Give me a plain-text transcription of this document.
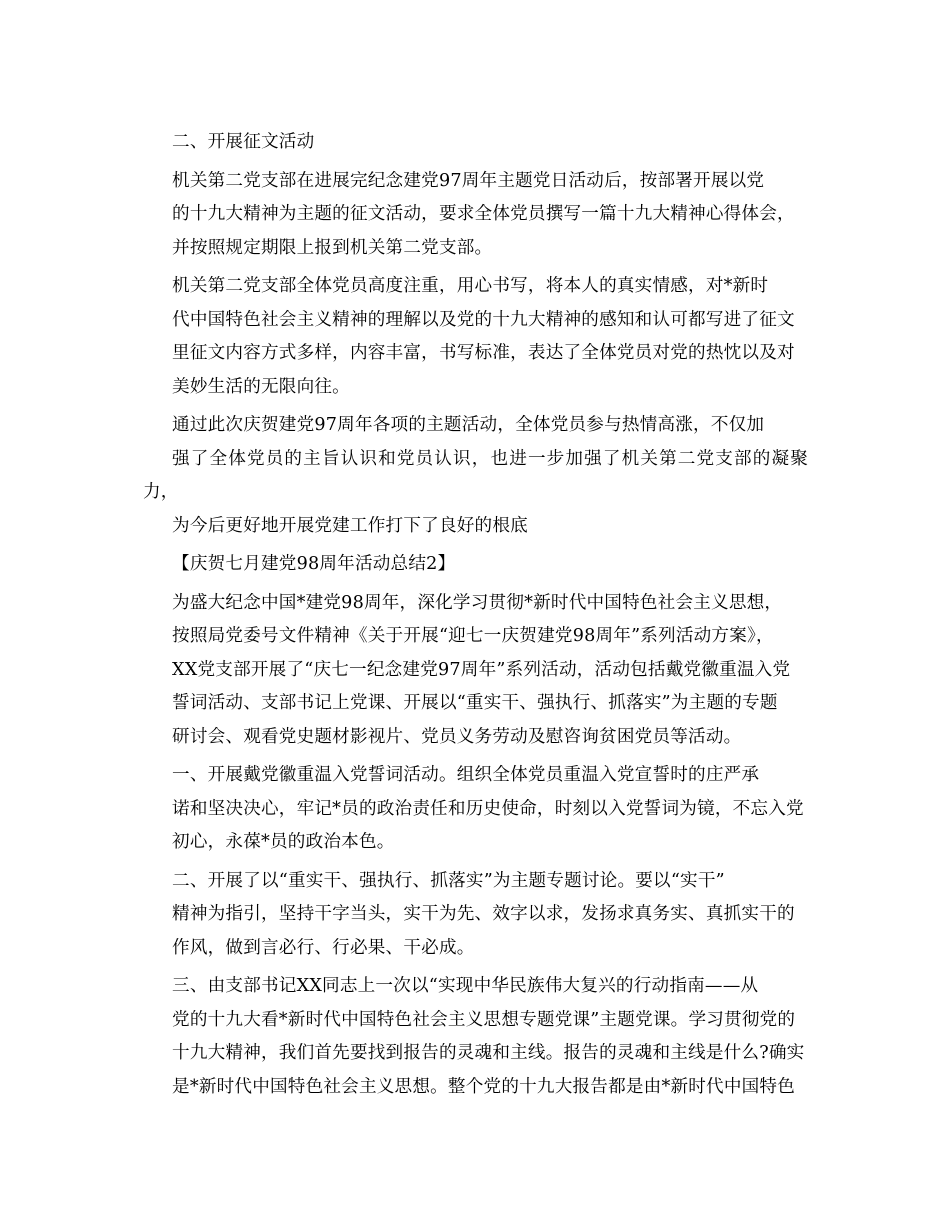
二、开展征文活动

机关第二党支部在进展完纪念建党97周年主题党日活动后，按部署开展以党
的十九大精神为主题的征文活动，要求全体党员撰写一篇十九大精神心得体会，
并按照规定期限上报到机关第二党支部。

机关第二党支部全体党员高度注重，用心书写，将本人的真实情感，对*新时
代中国特色社会主义精神的理解以及党的十九大精神的感知和认可都写进了征文
里征文内容方式多样，内容丰富，书写标准，表达了全体党员对党的热忱以及对
美妙生活的无限向往。

通过此次庆贺建党97周年各项的主题活动，全体党员参与热情高涨，不仅加
强了全体党员的主旨认识和党员认识，也进一步加强了机关第二党支部的凝聚力，
为今后更好地开展党建工作打下了良好的根底

【庆贺七月建党98周年活动总结2】

为盛大纪念中国*建党98周年，深化学习贯彻*新时代中国特色社会主义思想，
按照局党委号文件精神《关于开展“迎七一庆贺建党98周年”系列活动方案》，
XX党支部开展了“庆七一纪念建党97周年”系列活动，活动包括戴党徽重温入党
誓词活动、支部书记上党课、开展以“重实干、强执行、抓落实”为主题的专题
研讨会、观看党史题材影视片、党员义务劳动及慰咨询贫困党员等活动。

一、开展戴党徽重温入党誓词活动。组织全体党员重温入党宣誓时的庄严承
诺和坚决决心，牢记*员的政治责任和历史使命，时刻以入党誓词为镜，不忘入党
初心，永葆*员的政治本色。

二、开展了以“重实干、强执行、抓落实”为主题专题讨论。要以“实干”
精神为指引，坚持干字当头，实干为先、效字以求，发扬求真务实、真抓实干的
作风，做到言必行、行必果、干必成。

三、由支部书记XX同志上一次以“实现中华民族伟大复兴的行动指南——从
党的十九大看*新时代中国特色社会主义思想专题党课”主题党课。学习贯彻党的
十九大精神，我们首先要找到报告的灵魂和主线。报告的灵魂和主线是什么?确实
是*新时代中国特色社会主义思想。整个党的十九大报告都是由*新时代中国特色
